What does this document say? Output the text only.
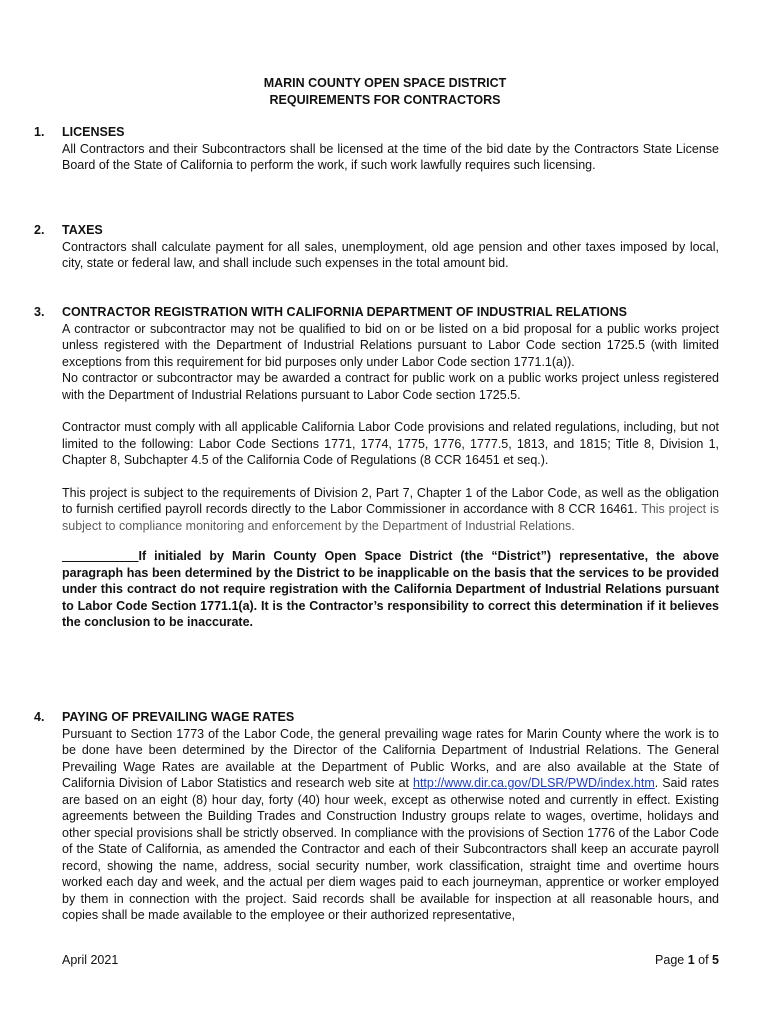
MARIN COUNTY OPEN SPACE DISTRICT
REQUIREMENTS FOR CONTRACTORS
1. LICENSES

All Contractors and their Subcontractors shall be licensed at the time of the bid date by the Contractors State License Board of the State of California to perform the work, if such work lawfully requires such licensing.

2. TAXES

Contractors shall calculate payment for all sales, unemployment, old age pension and other taxes imposed by local, city, state or federal law, and shall include such expenses in the total amount bid.

3. CONTRACTOR REGISTRATION WITH CALIFORNIA DEPARTMENT OF INDUSTRIAL RELATIONS

A contractor or subcontractor may not be qualified to bid on or be listed on a bid proposal for a public works project unless registered with the Department of Industrial Relations pursuant to Labor Code section 1725.5 (with limited exceptions from this requirement for bid purposes only under Labor Code section 1771.1(a)).

No contractor or subcontractor may be awarded a contract for public work on a public works project unless registered with the Department of Industrial Relations pursuant to Labor Code section 1725.5.

Contractor must comply with all applicable California Labor Code provisions and related regulations, including, but not limited to the following: Labor Code Sections 1771, 1774, 1775, 1776, 1777.5, 1813, and 1815; Title 8, Division 1, Chapter 8, Subchapter 4.5 of the California Code of Regulations (8 CCR 16451 et seq.).

This project is subject to the requirements of Division 2, Part 7, Chapter 1 of the Labor Code, as well as the obligation to furnish certified payroll records directly to the Labor Commissioner in accordance with 8 CCR 16461. This project is subject to compliance monitoring and enforcement by the Department of Industrial Relations.

___________If initialed by Marin County Open Space District (the “District”) representative, the above paragraph has been determined by the District to be inapplicable on the basis that the services to be provided under this contract do not require registration with the California Department of Industrial Relations pursuant to Labor Code Section 1771.1(a). It is the Contractor’s responsibility to correct this determination if it believes the conclusion to be inaccurate.

4. PAYING OF PREVAILING WAGE RATES

Pursuant to Section 1773 of the Labor Code, the general prevailing wage rates for Marin County where the work is to be done have been determined by the Director of the California Department of Industrial Relations. The General Prevailing Wage Rates are available at the Department of Public Works, and are also available at the State of California Division of Labor Statistics and research web site at http://www.dir.ca.gov/DLSR/PWD/index.htm. Said rates are based on an eight (8) hour day, forty (40) hour week, except as otherwise noted and currently in effect. Existing agreements between the Building Trades and Construction Industry groups relate to wages, overtime, holidays and other special provisions shall be strictly observed. In compliance with the provisions of Section 1776 of the Labor Code of the State of California, as amended the Contractor and each of their Subcontractors shall keep an accurate payroll record, showing the name, address, social security number, work classification, straight time and overtime hours worked each day and week, and the actual per diem wages paid to each journeyman, apprentice or worker employed by them in connection with the project. Said records shall be available for inspection at all reasonable hours, and copies shall be made available to the employee or their authorized representative,

April 2021	Page 1 of 5
